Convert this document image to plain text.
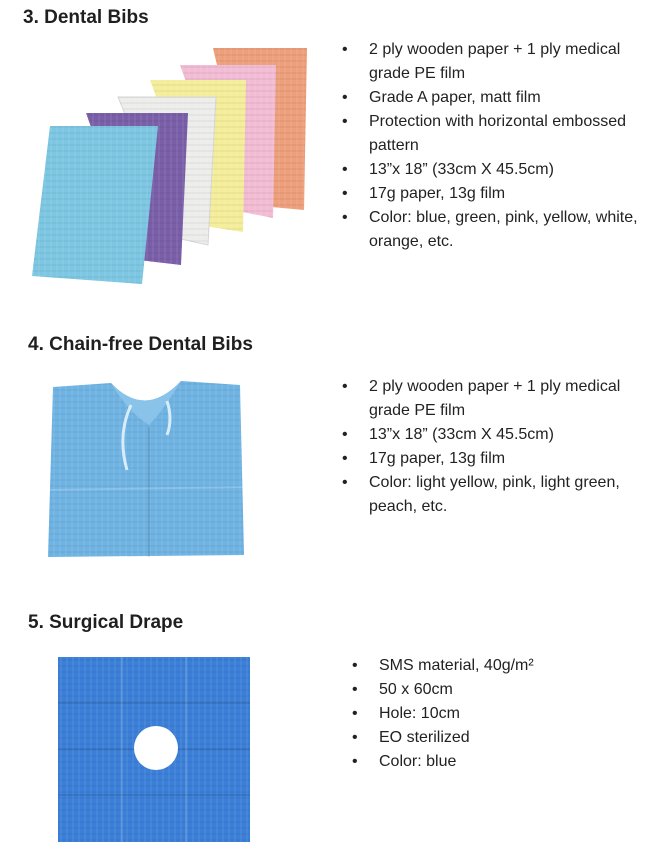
3. Dental Bibs
• 2 ply wooden paper + 1 ply medical grade PE film
• Grade A paper, matt film
• Protection with horizontal embossed pattern
• 13”x 18” (33cm X 45.5cm)
• 17g paper, 13g film
• Color: blue, green, pink, yellow, white, orange, etc.
4. Chain-free Dental Bibs
• 2 ply wooden paper + 1 ply medical grade PE film
• 13”x 18” (33cm X 45.5cm)
• 17g paper, 13g film
• Color: light yellow, pink, light green, peach, etc.
5. Surgical Drape
• SMS material, 40g/m²
• 50 x 60cm
• Hole: 10cm
• EO sterilized
• Color: blue
